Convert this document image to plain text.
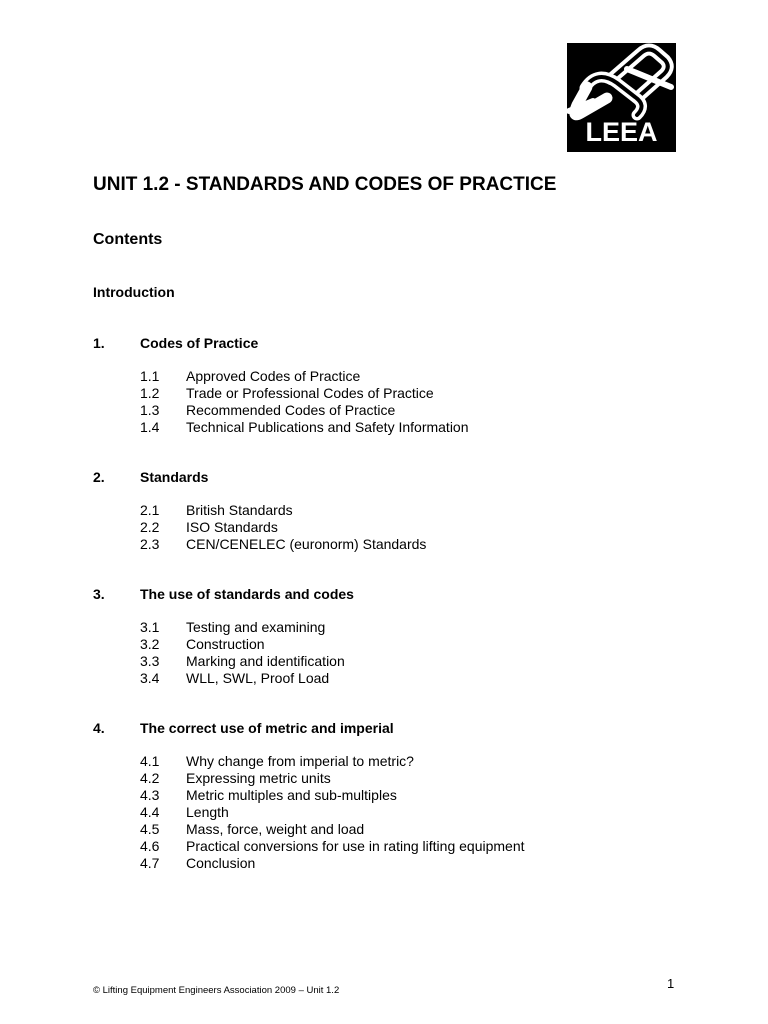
LEEA
UNIT 1.2 - STANDARDS AND CODES OF PRACTICE
Contents
Introduction
1.	Codes of Practice
1.1 Approved Codes of Practice
1.2 Trade or Professional Codes of Practice
1.3 Recommended Codes of Practice
1.4 Technical Publications and Safety Information
2.	Standards
2.1 British Standards
2.2 ISO Standards
2.3 CEN/CENELEC (euronorm) Standards
3.	The use of standards and codes
3.1 Testing and examining
3.2 Construction
3.3 Marking and identification
3.4 WLL, SWL, Proof Load
4.	The correct use of metric and imperial
4.1 Why change from imperial to metric?
4.2 Expressing metric units
4.3 Metric multiples and sub-multiples
4.4 Length
4.5 Mass, force, weight and load
4.6 Practical conversions for use in rating lifting equipment
4.7 Conclusion
1
© Lifting Equipment Engineers Association 2009 – Unit 1.2
